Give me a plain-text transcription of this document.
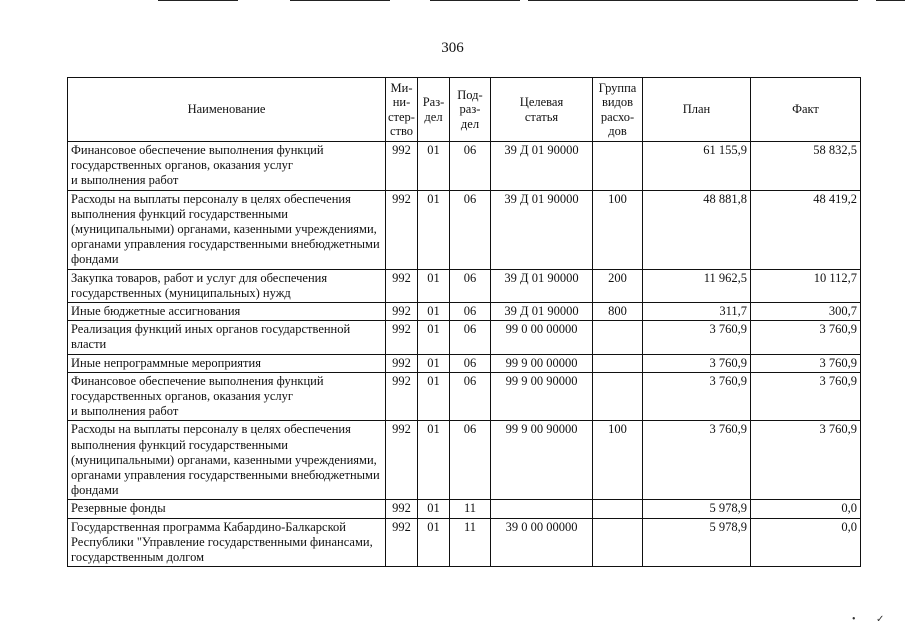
306
Наименование	Ми-
ни-
стер-
ство	Раз-
дел	Под-
раз-
дел	Целевая
статья	Группа
видов
расхо-
дов	План	Факт
Финансовое обеспечение выполнения функций государственных органов, оказания услуг
и выполнения работ	992	01	06	39 Д 01 90000		61 155,9	58 832,5
Расходы на выплаты персоналу в целях обеспечения выполнения функций государственными (муниципальными) органами, казенными учреждениями, органами управления государственными внебюджетными фондами	992	01	06	39 Д 01 90000	100	48 881,8	48 419,2
Закупка товаров, работ и услуг для обеспечения государственных (муниципальных) нужд	992	01	06	39 Д 01 90000	200	11 962,5	10 112,7
Иные бюджетные ассигнования	992	01	06	39 Д 01 90000	800	311,7	300,7
Реализация функций иных органов государственной власти	992	01	06	99 0 00 00000		3 760,9	3 760,9
Иные непрограммные мероприятия	992	01	06	99 9 00 00000		3 760,9	3 760,9
Финансовое обеспечение выполнения функций государственных органов, оказания услуг
и выполнения работ	992	01	06	99 9 00 90000		3 760,9	3 760,9
Расходы на выплаты персоналу в целях обеспечения выполнения функций государственными (муниципальными) органами, казенными учреждениями, органами управления государственными внебюджетными фондами	992	01	06	99 9 00 90000	100	3 760,9	3 760,9
Резервные фонды	992	01	11			5 978,9	0,0
Государственная программа Кабардино-Балкарской Республики "Управление государственными финансами, государственным долгом	992	01	11	39 0 00 00000		5 978,9	0,0
• ✓
